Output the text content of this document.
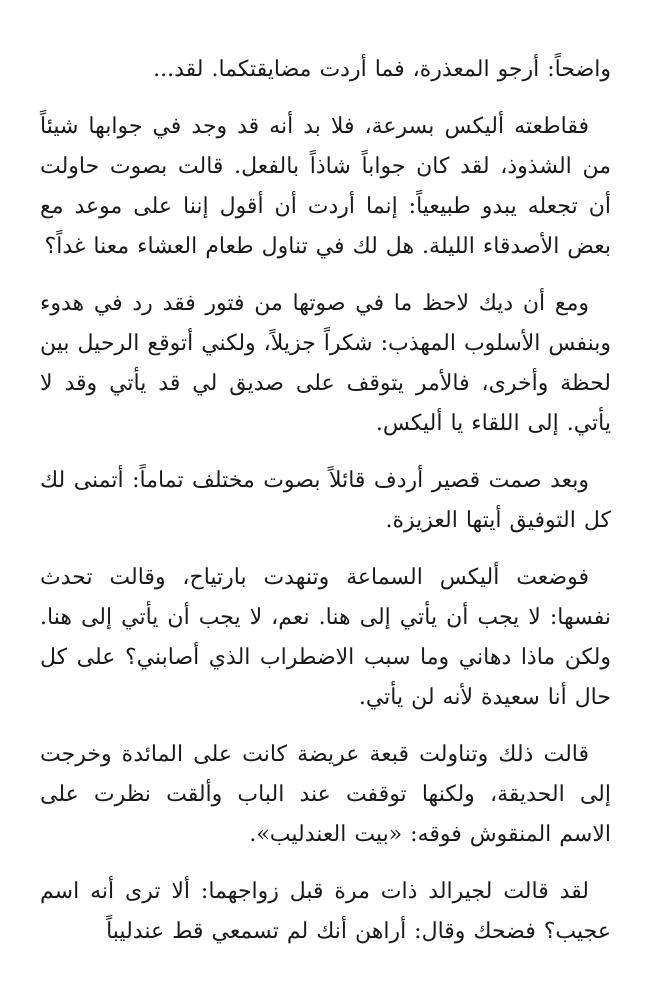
واضحاً: أرجو المعذرة، فما أردت مضايقتكما. لقد...

فقاطعته أليكس بسرعة، فلا بد أنه قد وجد في جوابها شيئاً من الشذوذ، لقد كان جواباً شاذاً بالفعل. قالت بصوت حاولت أن تجعله يبدو طبيعياً: إنما أردت أن أقول إننا على موعد مع بعض الأصدقاء الليلة. هل لك في تناول طعام العشاء معنا غداً؟

ومع أن ديك لاحظ ما في صوتها من فتور فقد رد في هدوء وبنفس الأسلوب المهذب: شكراً جزيلاً، ولكني أتوقع الرحيل بين لحظة وأخرى، فالأمر يتوقف على صديق لي قد يأتي وقد لا يأتي. إلى اللقاء يا أليكس.

وبعد صمت قصير أردف قائلاً بصوت مختلف تماماً: أتمنى لك كل التوفيق أيتها العزيزة.

فوضعت أليكس السماعة وتنهدت بارتياح، وقالت تحدث نفسها: لا يجب أن يأتي إلى هنا. نعم، لا يجب أن يأتي إلى هنا. ولكن ماذا دهاني وما سبب الاضطراب الذي أصابني؟ على كل حال أنا سعيدة لأنه لن يأتي.

قالت ذلك وتناولت قبعة عريضة كانت على المائدة وخرجت إلى الحديقة، ولكنها توقفت عند الباب وألقت نظرت على الاسم المنقوش فوقه: «بيت العندليب».

لقد قالت لجيرالد ذات مرة قبل زواجهما: ألا ترى أنه اسم عجيب؟ فضحك وقال: أراهن أنك لم تسمعي قط عندليباً
